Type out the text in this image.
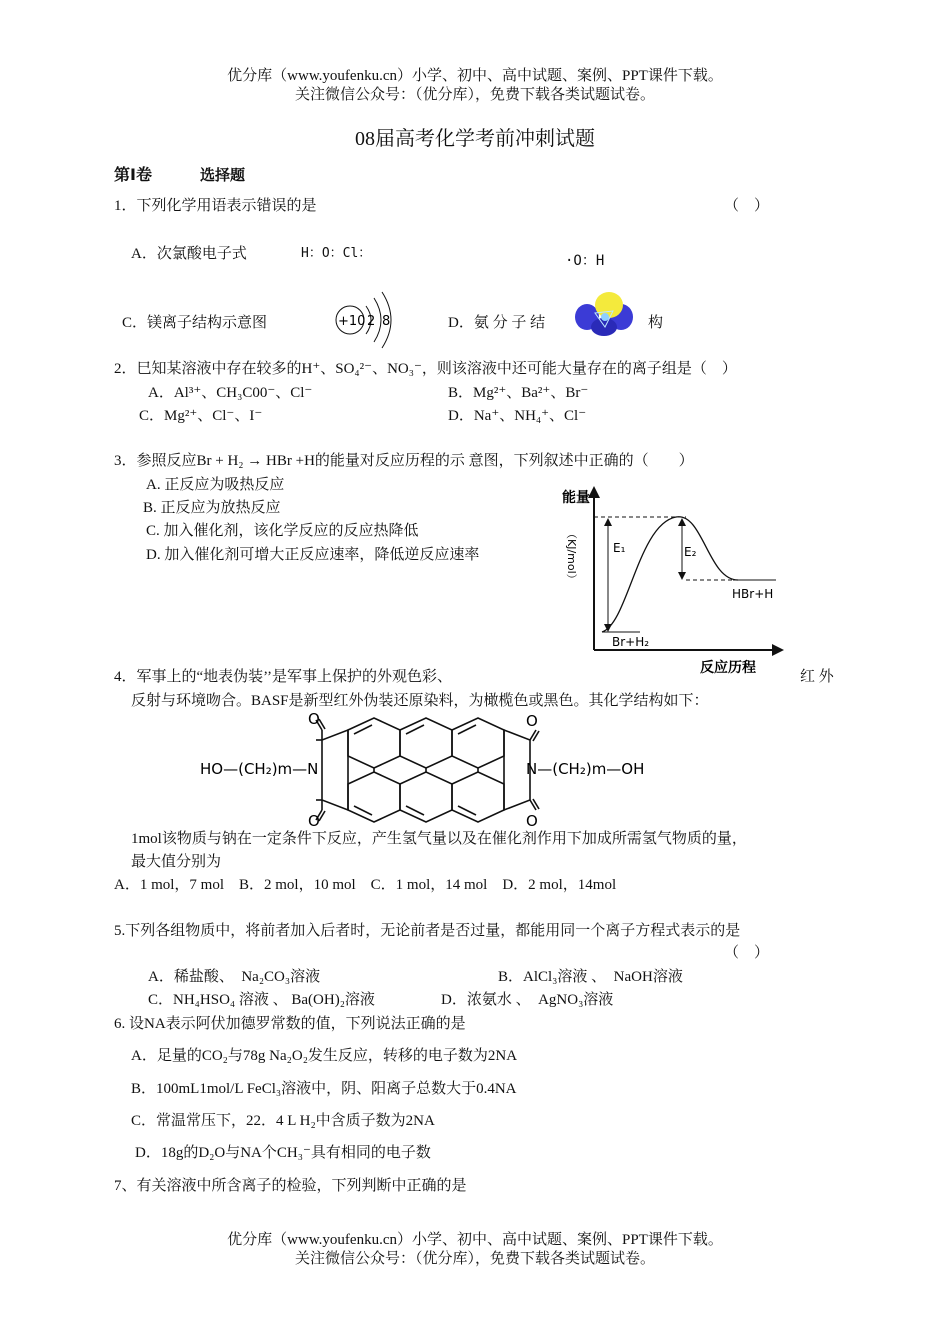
优分库（www.youfenku.cn）小学、初中、高中试题、案例、PPT课件下载。
关注微信公众号：（优分库），免费下载各类试题试卷。
08届高考化学考前冲刺试题
第Ⅰ卷	选择题
1．下列化学用语表示错误的是	（　）
A．次氯酸电子式	H：O：Cl：	·O：H
C．镁离子结构示意图	+10 2 8	D．氨 分 子 结	构
2．巳知某溶液中存在较多的H⁺、SO₄²⁻、NO₃⁻，则该溶液中还可能大量存在的离子组是（　）
A．Al³⁺、CH₃C00⁻、Cl⁻	B．Mg²⁺、Ba²⁺、Br⁻
C．Mg²⁺、Cl⁻、I⁻	D．Na⁺、NH₄⁺、Cl⁻
3．参照反应Br + H₂ → HBr +H的能量对反应历程的示 意图，下列叙述中正确的（　　）
A. 正反应为吸热反应
B. 正反应为放热反应
C. 加入催化剂，该化学反应的反应热降低
D. 加入催化剂可增大正反应速率，降低逆反应速率
能量
（KJ/mol）	E₁	E₂
Br+H₂
HBr+H
反应历程
4．军事上的“地表伪装’’是军事上保护的外观色彩、	红 外
反射与环境吻合。BASF是新型红外伪装还原染料，为橄榄色或黑色。其化学结构如下：
O
O
O
O
HO—(CH₂)m—N	N—(CH₂)m—OH
1mol该物质与钠在一定条件下反应，产生氢气量以及在催化剂作用下加成所需氢气物质的量，
最大值分别为
A．1 mol，7 mol　B．2 mol，10 mol　C．1 mol，14 mol　D．2 mol，14mol
5.下列各组物质中，将前者加入后者时，无论前者是否过量，都能用同一个离子方程式表示的是
（　）
A．稀盐酸、　Na₂CO₃溶液	B．AlCl₃溶液 、　NaOH溶液
C．NH₄HSO₄ 溶液 、 Ba(OH)₂溶液	D．浓氨水 、　AgNO₃溶液
6. 设NA表示阿伏加德罗常数的值，下列说法正确的是
A．足量的CO₂与78g Na₂O₂发生反应，转移的电子数为2NA
B．100mL1mol/L FeCl₃溶液中，阴、阳离子总数大于0.4NA
C．常温常压下，22．4 L H₂中含质子数为2NA
D．18g的D₂O与NA个CH₃⁻具有相同的电子数
7、有关溶液中所含离子的检验，下列判断中正确的是
优分库（www.youfenku.cn）小学、初中、高中试题、案例、PPT课件下载。
关注微信公众号：（优分库），免费下载各类试题试卷。
